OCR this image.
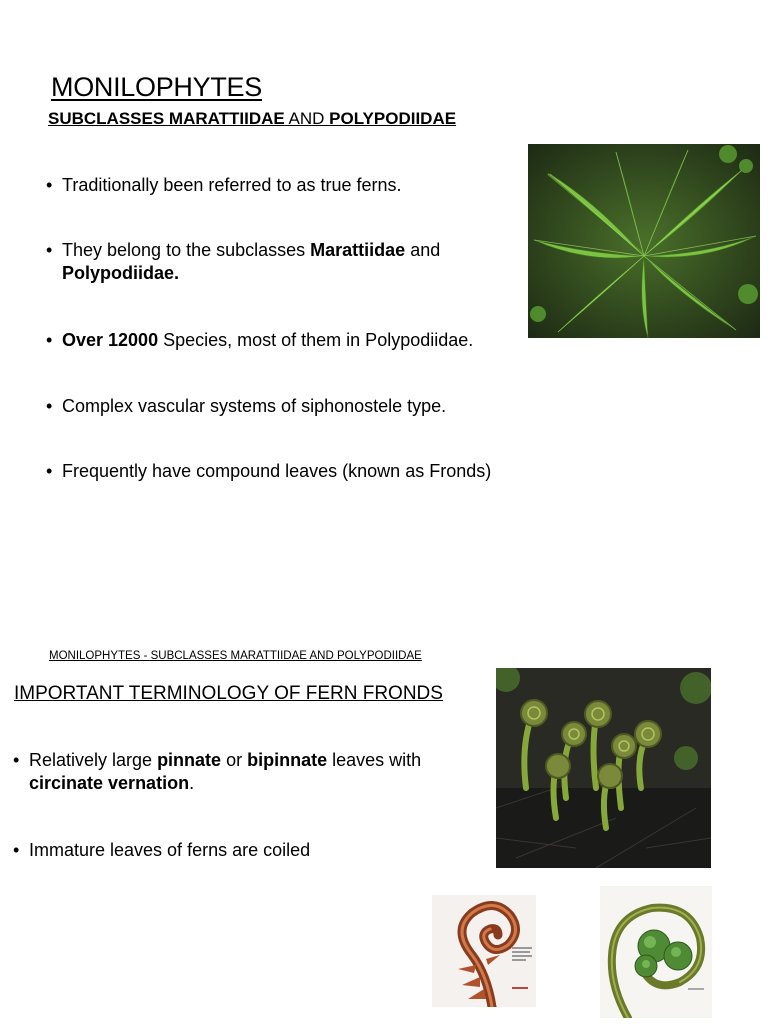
MONILOPHYTES
SUBCLASSES MARATTIIDAE AND POLYPODIIDAE
• Traditionally been referred to as true ferns.
• They belong to the subclasses Marattiidae and
Polypodiidae.
• Over 12000 Species, most of them in Polypodiidae.
• Complex vascular systems of siphonostele type.
• Frequently have compound leaves (known as Fronds)
MONILOPHYTES - SUBCLASSES MARATTIIDAE AND POLYPODIIDAE
IMPORTANT TERMINOLOGY OF FERN FRONDS
• Relatively large pinnate or bipinnate leaves with
circinate vernation.
• Immature leaves of ferns are coiled
